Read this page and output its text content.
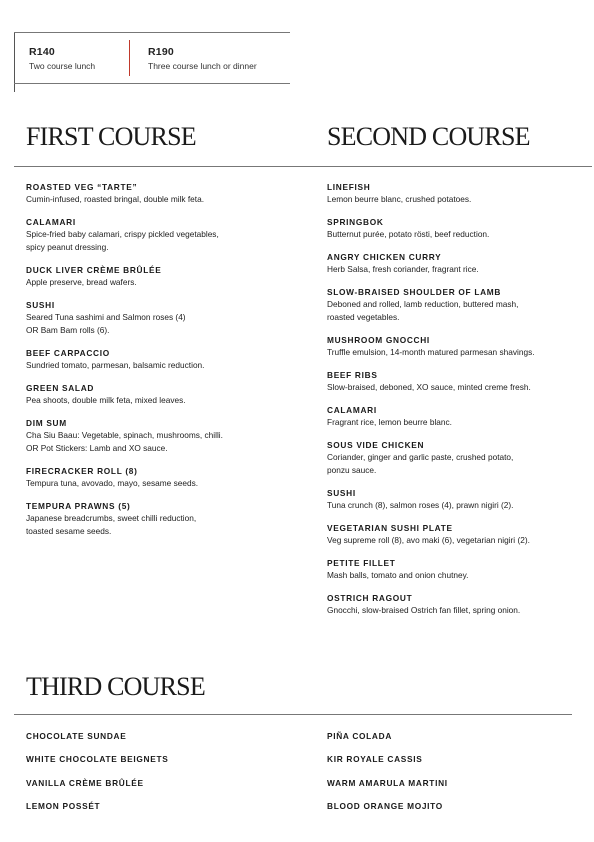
R140
Two course lunch
R190
Three course lunch or dinner
FIRST COURSE	SECOND COURSE
ROASTED VEG “TARTE”
Cumin-infused, roasted bringal, double milk feta.
CALAMARI
Spice-fried baby calamari, crispy pickled vegetables,
spicy peanut dressing.
DUCK LIVER CRÈME BRÛLÉE
Apple preserve, bread wafers.
SUSHI
Seared Tuna sashimi and Salmon roses (4)
OR Bam Bam rolls (6).
BEEF CARPACCIO
Sundried tomato, parmesan, balsamic reduction.
GREEN SALAD
Pea shoots, double milk feta, mixed leaves.
DIM SUM
Cha Siu Baau: Vegetable, spinach, mushrooms, chilli.
OR Pot Stickers: Lamb and XO sauce.
FIRECRACKER ROLL (8)
Tempura tuna, avovado, mayo, sesame seeds.
TEMPURA PRAWNS (5)
Japanese breadcrumbs, sweet chilli reduction,
toasted sesame seeds.
LINEFISH
Lemon beurre blanc, crushed potatoes.
SPRINGBOK
Butternut purée, potato rösti, beef reduction.
ANGRY CHICKEN CURRY
Herb Salsa, fresh coriander, fragrant rice.
SLOW-BRAISED SHOULDER OF LAMB
Deboned and rolled, lamb reduction, buttered mash,
roasted vegetables.
MUSHROOM GNOCCHI
Truffle emulsion, 14-month matured parmesan shavings.
BEEF RIBS
Slow-braised, deboned, XO sauce, minted creme fresh.
CALAMARI
Fragrant rice, lemon beurre blanc.
SOUS VIDE CHICKEN
Coriander, ginger and garlic paste, crushed potato,
ponzu sauce.
SUSHI
Tuna crunch (8), salmon roses (4), prawn nigiri (2).
VEGETARIAN SUSHI PLATE
Veg supreme roll (8), avo maki (6), vegetarian nigiri (2).
PETITE FILLET
Mash balls, tomato and onion chutney.
OSTRICH RAGOUT
Gnocchi, slow-braised Ostrich fan fillet, spring onion.
THIRD COURSE
CHOCOLATE SUNDAE
WHITE CHOCOLATE BEIGNETS
VANILLA CRÈME BRÛLÉE
LEMON POSSÉT
PIÑA COLADA
KIR ROYALE CASSIS
WARM AMARULA MARTINI
BLOOD ORANGE MOJITO
